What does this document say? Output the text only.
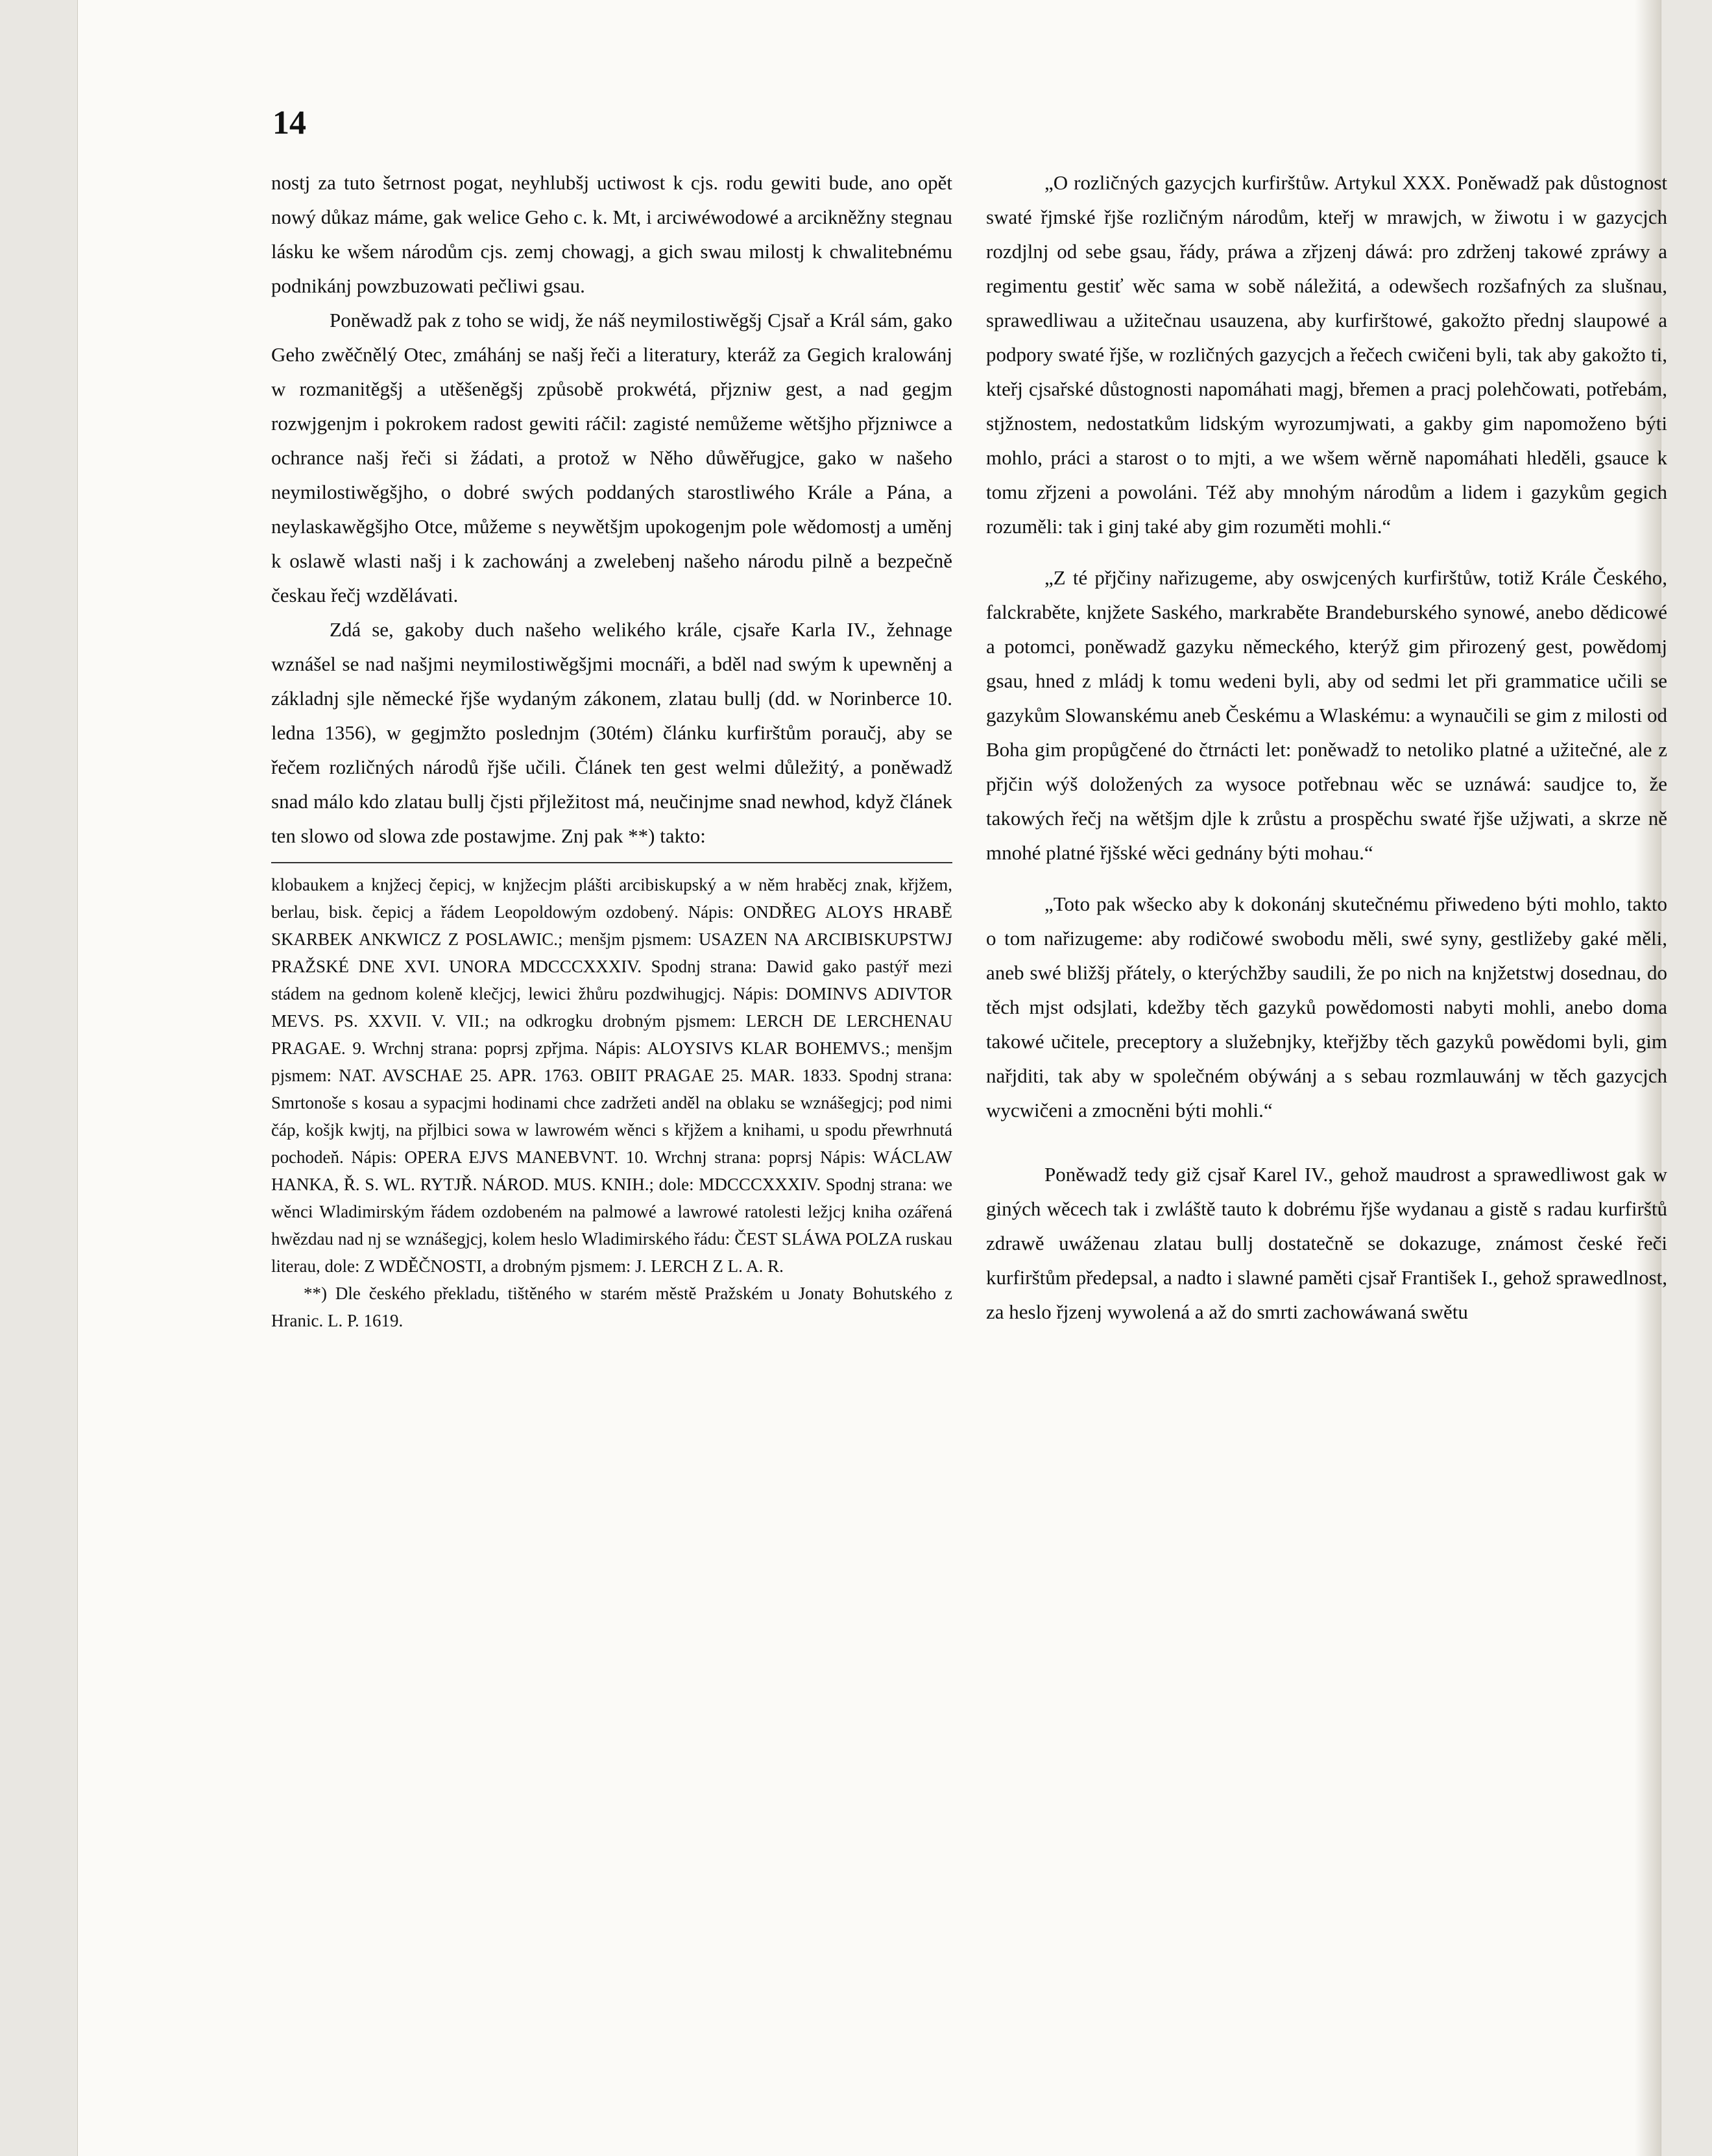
14

nostj za tuto šetrnost pogat, neyhlubšj uctiwost k cjs. rodu gewiti bude, ano opět nowý důkaz máme, gak welice Geho c. k. Mt, i arciwéwodowé a arcikněžny stegnau lásku ke wšem národům cjs. zemj chowagj, a gich swau milostj k chwalitebnému podnikánj powzbuzowati pečliwi gsau.

Poněwadž pak z toho se widj, že náš neymilostiwěgšj Cjsař a Král sám, gako Geho zwěčnělý Otec, zmáhánj se našj řeči a literatury, kteráž za Gegich kralowánj w rozmanitěgšj a utěšeněgšj způsobě prokwétá, přjzniw gest, a nad gegjm rozwjgenjm i pokrokem radost gewiti ráčil: zagisté nemůžeme wětšjho přjzniwce a ochrance našj řeči si žádati, a protož w Něho důwěřugjce, gako w našeho neymilostiwěgšjho, o dobré swých poddaných starostliwého Krále a Pána, a neylaskawěgšjho Otce, můžeme s neywětšjm upokogenjm pole wědomostj a uměnj k oslawě wlasti našj i k zachowánj a zwelebenj našeho národu pilně a bezpečně českau řečj wzdělávati.

Zdá se, gakoby duch našeho welikého krále, cjsaře Karla IV., žehnage wznášel se nad našjmi neymilostiwěgšjmi mocnáři, a bděl nad swým k upewněnj a základnj sjle německé řjše wydaným zákonem, zlatau bullj (dd. w Norinberce 10. ledna 1356), w gegjmžto poslednjm (30tém) článku kurfirštům poraučj, aby se řečem rozličných národů řjše učili. Článek ten gest welmi důležitý, a poněwadž snad málo kdo zlatau bullj čjsti přjležitost má, neučinjme snad newhod, když článek ten slowo od slowa zde postawjme. Znj pak **) takto:

klobaukem a knjžecj čepicj, w knjžecjm plášti arcibiskupský a w něm hraběcj znak, křjžem, berlau, bisk. čepicj a řádem Leopoldowým ozdobený. Nápis: ONDŘEG ALOYS HRABĚ SKARBEK ANKWICZ Z POSLAWIC.; menšjm pjsmem: USAZEN NA ARCIBISKUPSTWJ PRAŽSKÉ DNE XVI. UNORA MDCCCXXXIV. Spodnj strana: Dawid gako pastýř mezi stádem na gednom koleně klečjcj, lewici žhůru pozdwihugjcj. Nápis: DOMINVS ADIVTOR MEVS. PS. XXVII. V. VII.; na odkrogku drobným pjsmem: LERCH DE LERCHENAU PRAGAE. 9. Wrchnj strana: poprsj zpřjma. Nápis: ALOYSIVS KLAR BOHEMVS.; menšjm pjsmem: NAT. AVSCHAE 25. APR. 1763. OBIIT PRAGAE 25. MAR. 1833. Spodnj strana: Smrtonoše s kosau a sypacjmi hodinami chce zadržeti anděl na oblaku se wznášegjcj; pod nimi čáp, košjk kwjtj, na přjlbici sowa w lawrowém wěnci s křjžem a knihami, u spodu přewrhnutá pochodeň. Nápis: OPERA EJVS MANEBVNT. 10. Wrchnj strana: poprsj Nápis: WÁCLAW HANKA, Ř. S. WL. RYTJŘ. NÁROD. MUS. KNIH.; dole: MDCCCXXXIV. Spodnj strana: we wěnci Wladimirským řádem ozdobeném na palmowé a lawrowé ratolesti ležjcj kniha ozářená hwězdau nad nj se wznášegjcj, kolem heslo Wladimirského řádu: ČEST SLÁWA POLZA ruskau literau, dole: Z WDĚČNOSTI, a drobným pjsmem: J. LERCH Z L. A. R.

**) Dle českého překladu, tištěného w starém městě Pražském u Jonaty Bohutského z Hranic. L. P. 1619.

„O rozličných gazycjch kurfirštůw. Artykul XXX. Poněwadž pak důstognost swaté řjmské řjše rozličným národům, kteřj w mrawjch, w žiwotu i w gazycjch rozdjlnj od sebe gsau, řády, práwa a zřjzenj dáwá: pro zdrženj takowé zpráwy a regimentu gestiť wěc sama w sobě náležitá, a odewšech rozšafných za slušnau, sprawedliwau a užitečnau usauzena, aby kurfirštowé, gakožto přednj slaupowé a podpory swaté řjše, w rozličných gazycjch a řečech cwičeni byli, tak aby gakožto ti, kteřj cjsařské důstognosti napomáhati magj, břemen a pracj polehčowati, potřebám, stjžnostem, nedostatkům lidským wyrozumjwati, a gakby gim napomoženo býti mohlo, práci a starost o to mjti, a we wšem wěrně napomáhati hleděli, gsauce k tomu zřjzeni a powoláni. Též aby mnohým národům a lidem i gazykům gegich rozuměli: tak i ginj také aby gim rozuměti mohli.“

„Z té přjčiny nařizugeme, aby oswjcených kurfirštůw, totiž Krále Českého, falckraběte, knjžete Saského, markraběte Brandeburského synowé, anebo dědicowé a potomci, poněwadž gazyku německého, kterýž gim přirozený gest, powědomj gsau, hned z mládj k tomu wedeni byli, aby od sedmi let při grammatice učili se gazykům Slowanskému aneb Českému a Wlaskému: a wynaučili se gim z milosti od Boha gim propůgčené do čtrnácti let: poněwadž to netoliko platné a užitečné, ale z přjčin wýš doložených za wysoce potřebnau wěc se uznáwá: saudjce to, že takowých řečj na wětšjm djle k zrůstu a prospěchu swaté řjše užjwati, a skrze ně mnohé platné řjšské wěci gednány býti mohau.“

„Toto pak wšecko aby k dokonánj skutečnému přiwedeno býti mohlo, takto o tom nařizugeme: aby rodičowé swobodu měli, swé syny, gestližeby gaké měli, aneb swé bližšj přátely, o kterýchžby saudili, že po nich na knjžetstwj dosednau, do těch mjst odsjlati, kdežby těch gazyků powědomosti nabyti mohli, anebo doma takowé učitele, preceptory a služebnjky, kteřjžby těch gazyků powědomi byli, gim nařjditi, tak aby w společném obýwánj a s sebau rozmlauwánj w těch gazycjch wycwičeni a zmocněni býti mohli.“

Poněwadž tedy giž cjsař Karel IV., gehož maudrost a sprawedliwost gak w giných wěcech tak i zwláště tauto k dobrému řjše wydanau a gistě s radau kurfirštů zdrawě uwáženau zlatau bullj dostatečně se dokazuge, známost české řeči kurfirštům předepsal, a nadto i slawné paměti cjsař František I., gehož sprawedlnost, za heslo řjzenj wywolená a až do smrti zachowáwaná swětu
